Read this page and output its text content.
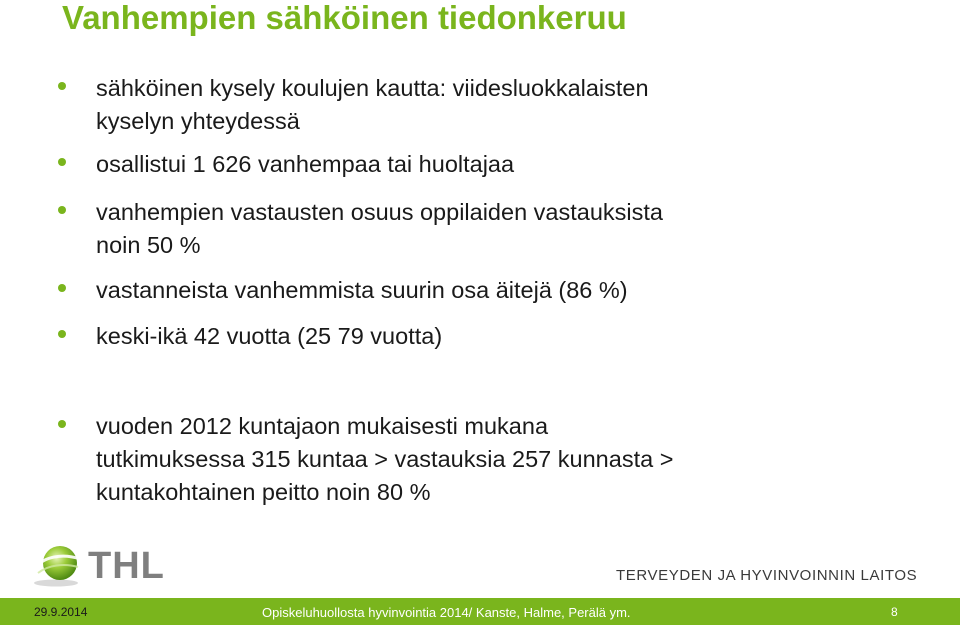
Vanhempien sähköinen tiedonkeruu
sähköinen kysely koulujen kautta: viidesluokkalaisten
kyselyn yhteydessä
osallistui 1 626 vanhempaa tai huoltajaa
vanhempien vastausten osuus oppilaiden vastauksista
noin 50 %
vastanneista vanhemmista suurin osa äitejä (86 %)
keski-ikä 42 vuotta (25 79 vuotta)
vuoden 2012 kuntajaon mukaisesti mukana
tutkimuksessa 315 kuntaa > vastauksia 257 kunnasta >
kuntakohtainen peitto noin 80 %
THL	TERVEYDEN JA HYVINVOINNIN LAITOS
29.9.2014	Opiskeluhuollosta hyvinvointia 2014/ Kanste, Halme, Perälä ym.	8
